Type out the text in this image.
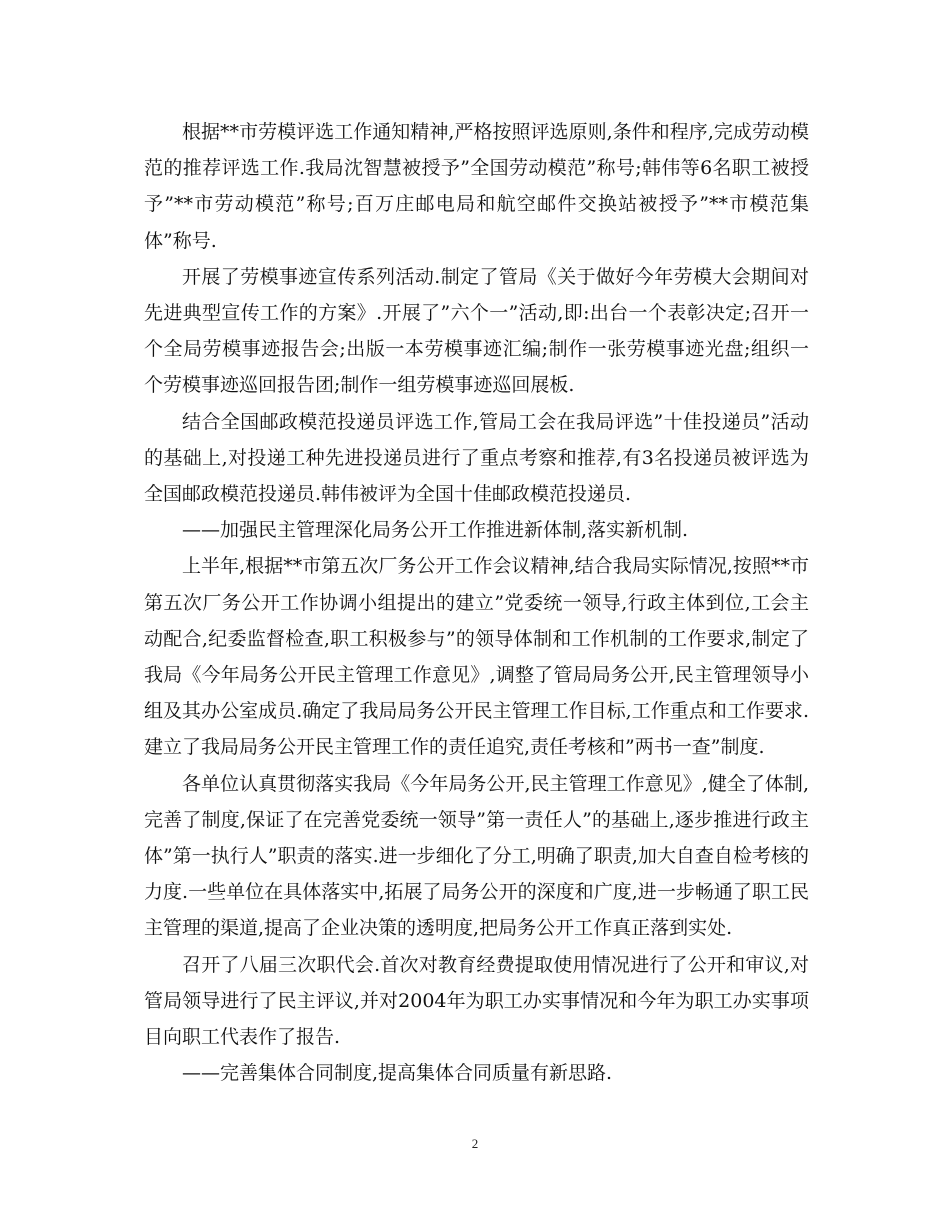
根据**市劳模评选工作通知精神,严格按照评选原则,条件和程序,完成劳动模范的推荐评选工作.我局沈智慧被授予”全国劳动模范”称号;韩伟等6名职工被授予”**市劳动模范”称号;百万庄邮电局和航空邮件交换站被授予”**市模范集体”称号.

开展了劳模事迹宣传系列活动.制定了管局《关于做好今年劳模大会期间对先进典型宣传工作的方案》.开展了”六个一”活动,即:出台一个表彰决定;召开一个全局劳模事迹报告会;出版一本劳模事迹汇编;制作一张劳模事迹光盘;组织一个劳模事迹巡回报告团;制作一组劳模事迹巡回展板.

结合全国邮政模范投递员评选工作,管局工会在我局评选”十佳投递员”活动的基础上,对投递工种先进投递员进行了重点考察和推荐,有3名投递员被评选为全国邮政模范投递员.韩伟被评为全国十佳邮政模范投递员.

——加强民主管理深化局务公开工作推进新体制,落实新机制.

上半年,根据**市第五次厂务公开工作会议精神,结合我局实际情况,按照**市第五次厂务公开工作协调小组提出的建立”党委统一领导,行政主体到位,工会主动配合,纪委监督检查,职工积极参与”的领导体制和工作机制的工作要求,制定了我局《今年局务公开民主管理工作意见》,调整了管局局务公开,民主管理领导小组及其办公室成员.确定了我局局务公开民主管理工作目标,工作重点和工作要求.建立了我局局务公开民主管理工作的责任追究,责任考核和”两书一查”制度.

各单位认真贯彻落实我局《今年局务公开,民主管理工作意见》,健全了体制,完善了制度,保证了在完善党委统一领导”第一责任人”的基础上,逐步推进行政主体”第一执行人”职责的落实.进一步细化了分工,明确了职责,加大自查自检考核的力度.一些单位在具体落实中,拓展了局务公开的深度和广度,进一步畅通了职工民主管理的渠道,提高了企业决策的透明度,把局务公开工作真正落到实处.

召开了八届三次职代会.首次对教育经费提取使用情况进行了公开和审议,对管局领导进行了民主评议,并对2004年为职工办实事情况和今年为职工办实事项目向职工代表作了报告.

——完善集体合同制度,提高集体合同质量有新思路.

2
